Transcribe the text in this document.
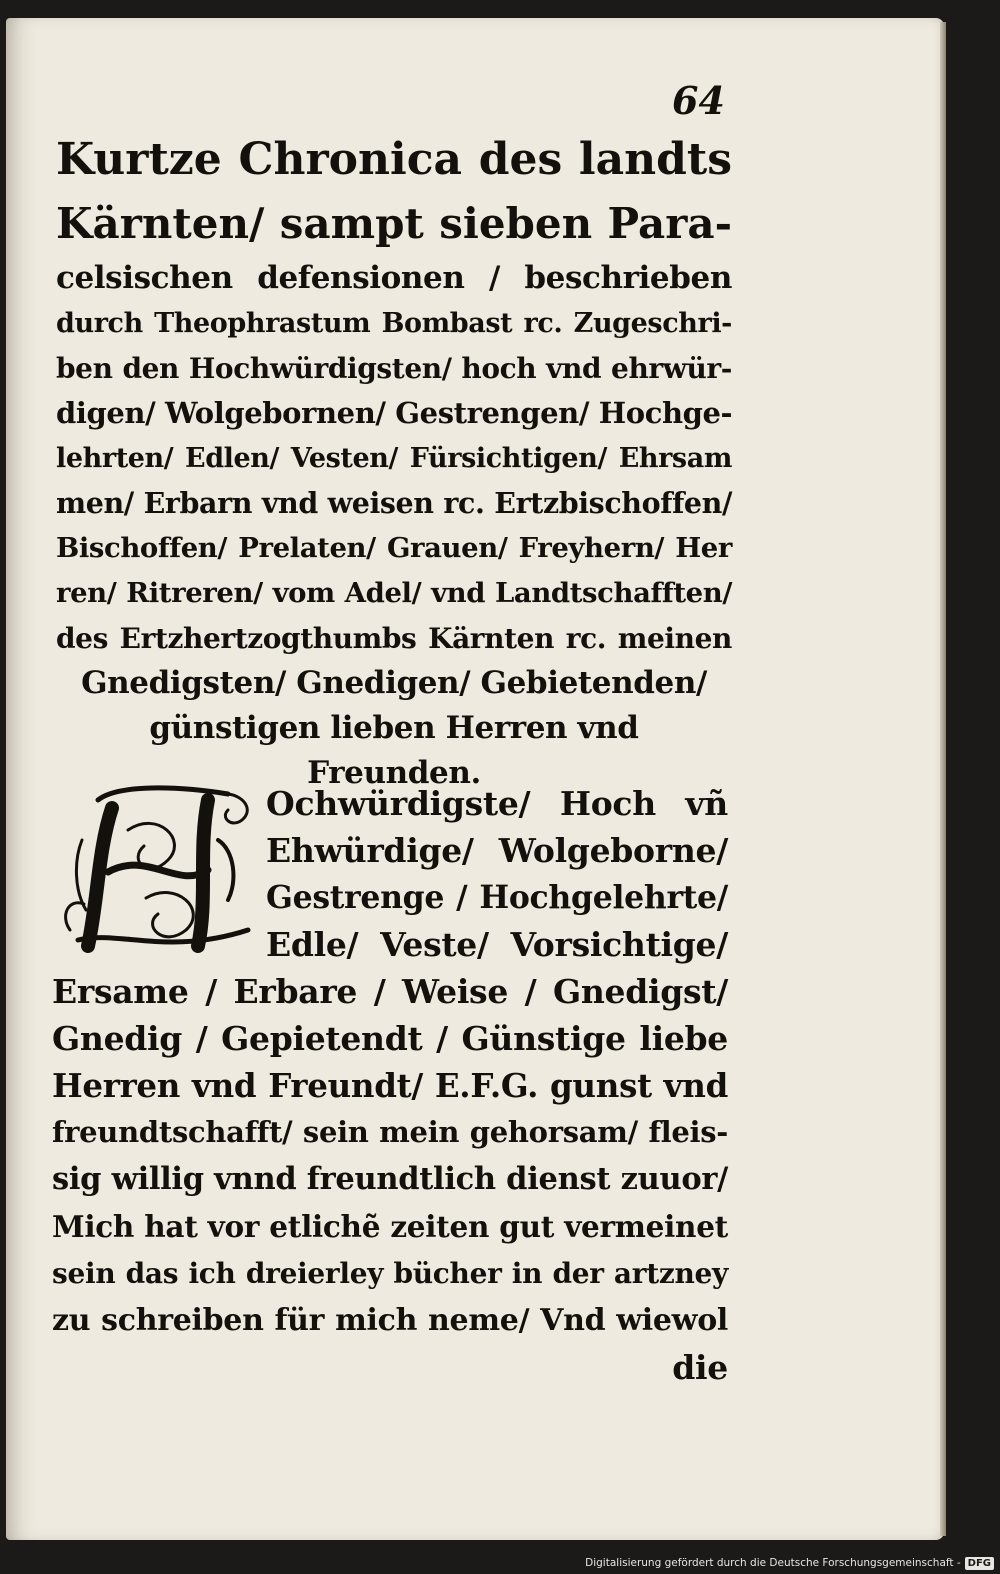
64
Kurtze Chronica des landts
Kärnten/ sampt sieben Para-
celsischen defensionen / beschrieben
durch Theophrastum Bombast rc. Zugeschri-
ben den Hochwürdigsten/ hoch vnd ehrwür-
digen/ Wolgebornen/ Gestrengen/ Hochge-
lehrten/ Edlen/ Vesten/ Fürsichtigen/ Ehrsam
men/ Erbarn vnd weisen rc. Ertzbischoffen/
Bischoffen/ Prelaten/ Grauen/ Freyhern/ Her
ren/ Ritreren/ vom Adel/ vnd Landtschafften/
des Ertzhertzogthumbs Kärnten rc. meinen
Gnedigsten/ Gnedigen/ Gebietenden/
günstigen lieben Herren vnd
Freunden.
Ochwürdigste/ Hoch vñ
Ehwürdige/ Wolgeborne/
Gestrenge / Hochgelehrte/
Edle/ Veste/ Vorsichtige/
Ersame / Erbare / Weise / Gnedigst/
Gnedig / Gepietendt / Günstige liebe
Herren vnd Freundt/ E.F.G. gunst vnd
freundtschafft/ sein mein gehorsam/ fleis-
sig willig vnnd freundtlich dienst zuuor/
Mich hat vor etlichẽ zeiten gut vermeinet
sein das ich dreierley bücher in der artzney
zu schreiben für mich neme/ Vnd wiewol
die
Digitalisierung gefördert durch die Deutsche Forschungsgemeinschaft - DFG
